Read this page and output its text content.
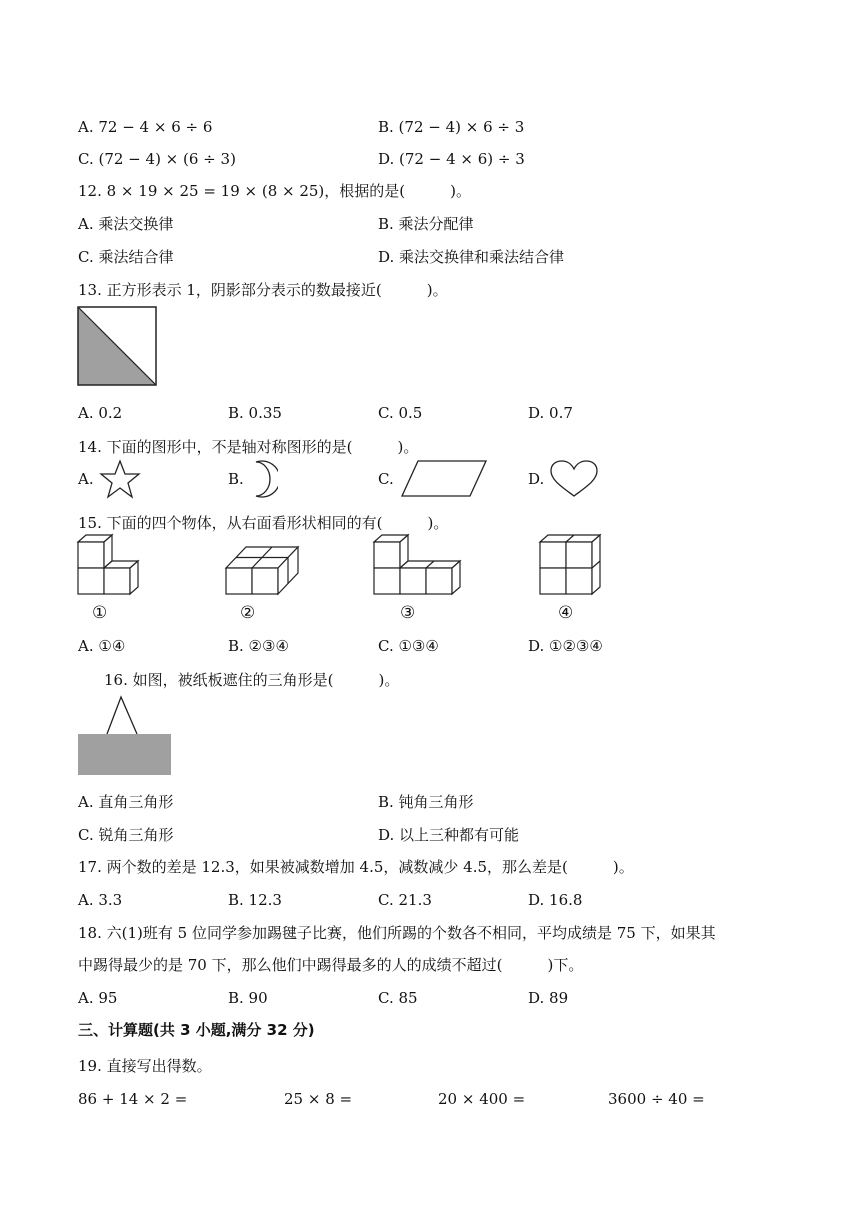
A. 72 − 4 × 6 ÷ 6	B. (72 − 4) × 6 ÷ 3
C. (72 − 4) × (6 ÷ 3)	D. (72 − 4 × 6) ÷ 3
12. 8 × 19 × 25 = 19 × (8 × 25)，根据的是(　　　)。
A. 乘法交换律	B. 乘法分配律
C. 乘法结合律	D. 乘法交换律和乘法结合律
13. 正方形表示 1，阴影部分表示的数最接近(　　　)。
A. 0.2	B. 0.35	C. 0.5	D. 0.7
14. 下面的图形中，不是轴对称图形的是(　　　)。
A.	B.	C.	D.
15. 下面的四个物体，从右面看形状相同的有(　　　)。
①	②	③	④
A. ①④	B. ②③④	C. ①③④	D. ①②③④
16. 如图，被纸板遮住的三角形是(　　　)。
A. 直角三角形	B. 钝角三角形
C. 锐角三角形	D. 以上三种都有可能
17. 两个数的差是 12.3，如果被减数增加 4.5，减数减少 4.5，那么差是(　　　)。
A. 3.3	B. 12.3	C. 21.3	D. 16.8
18. 六(1)班有 5 位同学参加踢毽子比赛，他们所踢的个数各不相同，平均成绩是 75 下，如果其
中踢得最少的是 70 下，那么他们中踢得最多的人的成绩不超过(　　　)下。
A. 95	B. 90	C. 85	D. 89
三、计算题(共 3 小题,满分 32 分)
19. 直接写出得数。
86 + 14 × 2 =	25 × 8 =	20 × 400 =	3600 ÷ 40 =
